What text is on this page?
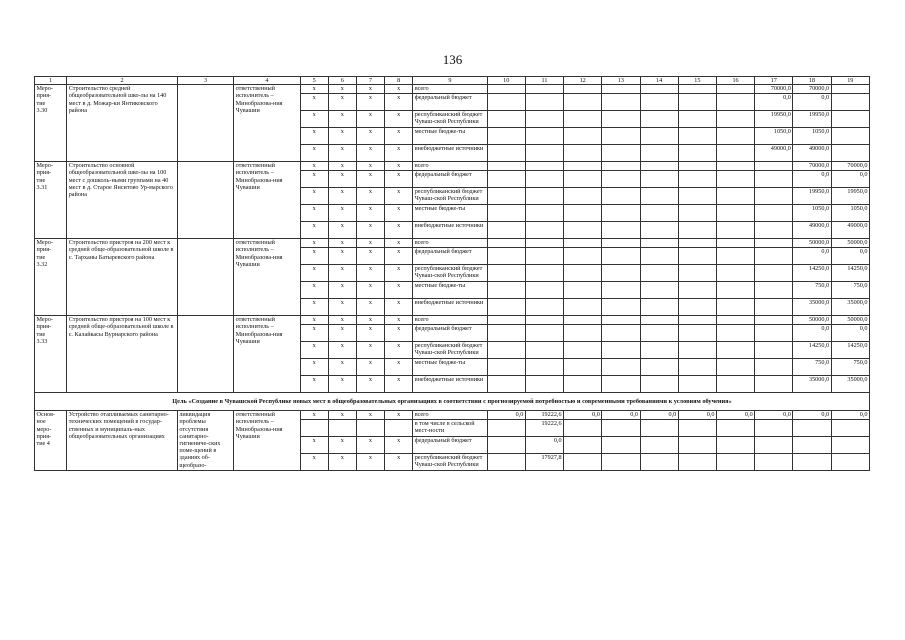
136
1	2	3	4	5	6	7	8	9	10	11	12	13	14	15	16	17	18	19
Меро-
прия-
тие
3.30	Строительство средней общеобразовательной шко-лы на 140 мест в д. Можар-ки Янтиковского района		ответственный исполнитель – Минобразова-ния Чувашии	x	x	x	x	всего								70000,0	70000,0	
				x	x	x	x	федеральный бюджет								0,0	0,0	
				x	x	x	x	республиканский бюджет Чуваш-ской Республики								19950,0	19950,0	
				x	x	x	x	местные бюдже-ты								1050,0	1050,0	
				x	x	x	x	внебюджетные источники								49000,0	49000,0	
Меро-
прия-
тие
3.31	Строительство основной общеобразовательной шко-лы на 100 мест с дошколь-ными группами на 40 мест в д. Старое Янситово Ур-марского района		ответственный исполнитель – Минобразова-ния Чувашии	x	x	x	x	всего									70000,0	70000,0
				x	x	x	x	федеральный бюджет									0,0	0,0
				x	x	x	x	республиканский бюджет Чуваш-ской Республики									19950,0	19950,0
				x	x	x	x	местные бюдже-ты									1050,0	1050,0
				x	x	x	x	внебюджетные источники									49000,0	49000,0
Меро-
прия-
тие
3.32	Строительство пристроя на 200 мест к средней обще-образовательной школе в с. Тарханы Батыревского района		ответственный исполнитель – Минобразова-ния Чувашии	x	x	x	x	всего									50000,0	50000,0
				x	x	x	x	федеральный бюджет									0,0	0,0
				x	x	x	x	республиканский бюджет Чуваш-ской Республики									14250,0	14250,0
				x	x	x	x	местные бюдже-ты									750,0	750,0
				x	x	x	x	внебюджетные источники									35000,0	35000,0
Меро-
прия-
тие
3.33	Строительство пристроя на 100 мест к средней обще-образовательной школе в с. Калайкасы Вурнарского района		ответственный исполнитель – Минобразова-ния Чувашии	x	x	x	x	всего									50000,0	50000,0
				x	x	x	x	федеральный бюджет									0,0	0,0
				x	x	x	x	республиканский бюджет Чуваш-ской Республики									14250,0	14250,0
				x	x	x	x	местные бюдже-ты									750,0	750,0
				x	x	x	x	внебюджетные источники									35000,0	35000,0
Цель «Создание в Чувашской Республике новых мест в общеобразовательных организациях в соответствии с прогнозируемой потребностью и современными требованиями к условиям обучения»																		
Основ-
ное
меро-
прия-
тие 4	Устройство отапливаемых санитарно-технических помещений в государ-ственных и муниципаль-ных общеобразовательных организациях	ликвидация проблемы отсутствия санитарно-гигиениче-ских поме-щений в зданиях об-щеобразо-	ответственный исполнитель – Минобразова-ния Чувашии	x	x	x	x	всего	0,0	19222,6	0,0	0,0	0,0	0,0	0,0	0,0	0,0	0,0
								в том числе в сельской мест-ности		19222,6								
				x	x	x	x	федеральный бюджет		0,0								
				x	x	x	x	республиканский бюджет Чуваш-ской Республики		17927,8								
